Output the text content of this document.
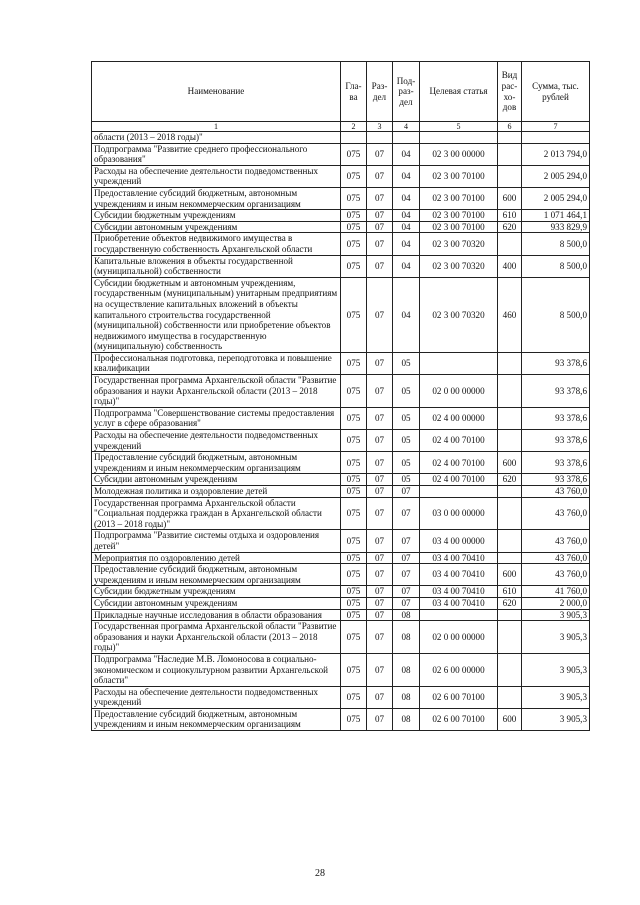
Наименование	Гла-ва	Раз-дел	Под-раз-дел	Целевая статья	Вид рас-хо-дов	Сумма, тыс. рублей
1	2	3	4	5	6	7
области (2013 – 2018 годы)"						
Подпрограмма "Развитие среднего профессионального образования"	075	07	04	02 3 00 00000		2 013 794,0
Расходы на обеспечение деятельности подведомственных учреждений	075	07	04	02 3 00 70100		2 005 294,0
Предоставление субсидий бюджетным, автономным учреждениям и иным некоммерческим организациям	075	07	04	02 3 00 70100	600	2 005 294,0
Субсидии бюджетным учреждениям	075	07	04	02 3 00 70100	610	1 071 464,1
Субсидии автономным учреждениям	075	07	04	02 3 00 70100	620	933 829,9
Приобретение объектов недвижимого имущества в государственную собственность Архангельской области	075	07	04	02 3 00 70320		8 500,0
Капитальные вложения в объекты государственной (муниципальной) собственности	075	07	04	02 3 00 70320	400	8 500,0
Субсидии бюджетным и автономным учреждениям, государственным (муниципальным) унитарным предприятиям на осуществление капитальных вложений в объекты капитального строительства государственной (муниципальной) собственности или приобретение объектов недвижимого имущества в государственную (муниципальную) собственность	075	07	04	02 3 00 70320	460	8 500,0
Профессиональная подготовка, переподготовка и повышение квалификации	075	07	05			93 378,6
Государственная программа Архангельской области "Развитие образования и науки Архангельской области (2013 – 2018 годы)"	075	07	05	02 0 00 00000		93 378,6
Подпрограмма "Совершенствование системы предоставления услуг в сфере образования"	075	07	05	02 4 00 00000		93 378,6
Расходы на обеспечение деятельности подведомственных учреждений	075	07	05	02 4 00 70100		93 378,6
Предоставление субсидий бюджетным, автономным учреждениям и иным некоммерческим организациям	075	07	05	02 4 00 70100	600	93 378,6
Субсидии автономным учреждениям	075	07	05	02 4 00 70100	620	93 378,6
Молодежная политика и оздоровление детей	075	07	07			43 760,0
Государственная программа Архангельской области "Социальная поддержка граждан в Архангельской области (2013 – 2018 годы)"	075	07	07	03 0 00 00000		43 760,0
Подпрограмма "Развитие системы отдыха и оздоровления детей"	075	07	07	03 4 00 00000		43 760,0
Мероприятия по оздоровлению детей	075	07	07	03 4 00 70410		43 760,0
Предоставление субсидий бюджетным, автономным учреждениям и иным некоммерческим организациям	075	07	07	03 4 00 70410	600	43 760,0
Субсидии бюджетным учреждениям	075	07	07	03 4 00 70410	610	41 760,0
Субсидии автономным учреждениям	075	07	07	03 4 00 70410	620	2 000,0
Прикладные научные исследования в области образования	075	07	08			3 905,3
Государственная программа Архангельской области "Развитие образования и науки Архангельской области (2013 – 2018 годы)"	075	07	08	02 0 00 00000		3 905,3
Подпрограмма "Наследие М.В. Ломоносова в социально-экономическом и социокультурном развитии Архангельской области"	075	07	08	02 6 00 00000		3 905,3
Расходы на обеспечение деятельности подведомственных учреждений	075	07	08	02 6 00 70100		3 905,3
Предоставление субсидий бюджетным, автономным учреждениям и иным некоммерческим организациям	075	07	08	02 6 00 70100	600	3 905,3
28
